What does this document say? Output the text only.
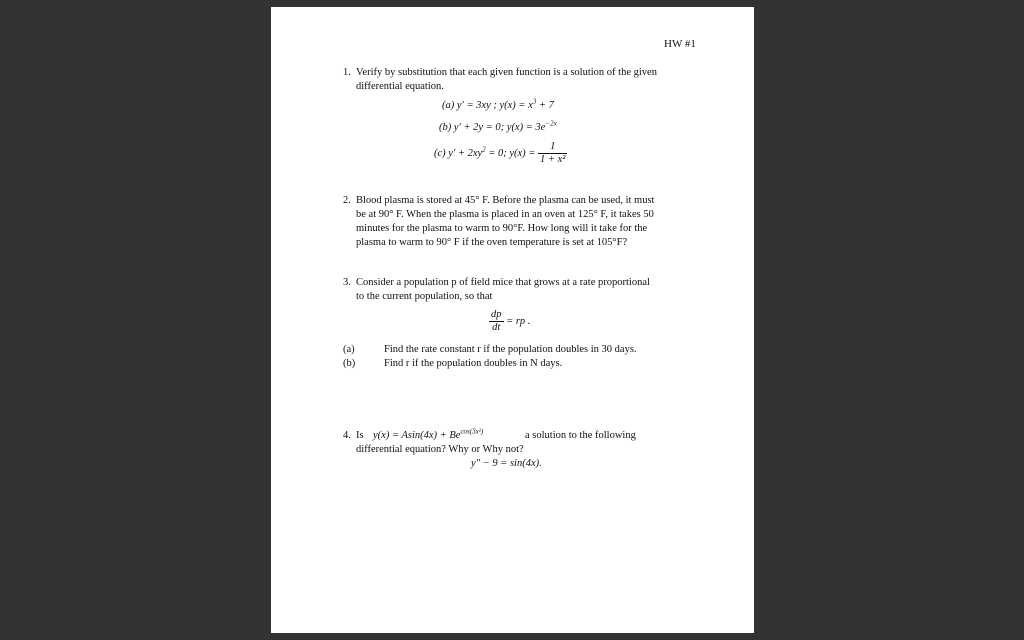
HW #1
1. Verify by substitution that each given function is a solution of the given
differential equation.
(a) y′ = 3xy ; $y(x) = x^3 + 7$
(b) y′ + 2y = 0; $y(x) = 3e^{-2x}$
(c) $y' + 2xy^2 = 0$; $y(x) = \frac{1}{\text{1 + x²}}$
2. Blood plasma is stored at 45° F. Before the plasma can be used, it must
be at 90° F. When the plasma is placed in an oven at 125° F, it takes 50
minutes for the plasma to warm to 90°F. How long will it take for the
plasma to warm to 90° F if the oven temperature is set at 105°F?
3. Consider a population p of field mice that grows at a rate proportional
to the current population, so that
$\frac{dp}{dt}$ = rp .
(a)	Find the rate constant r if the population doubles in 30 days.
(b)	Find r if the population doubles in N days.
4. Is $y(x) = Asin(4x) + Be^{cos(3x^2)}$	a solution to the following
differential equation? Why or Why not?
y″ − 9 = sin(4x).
